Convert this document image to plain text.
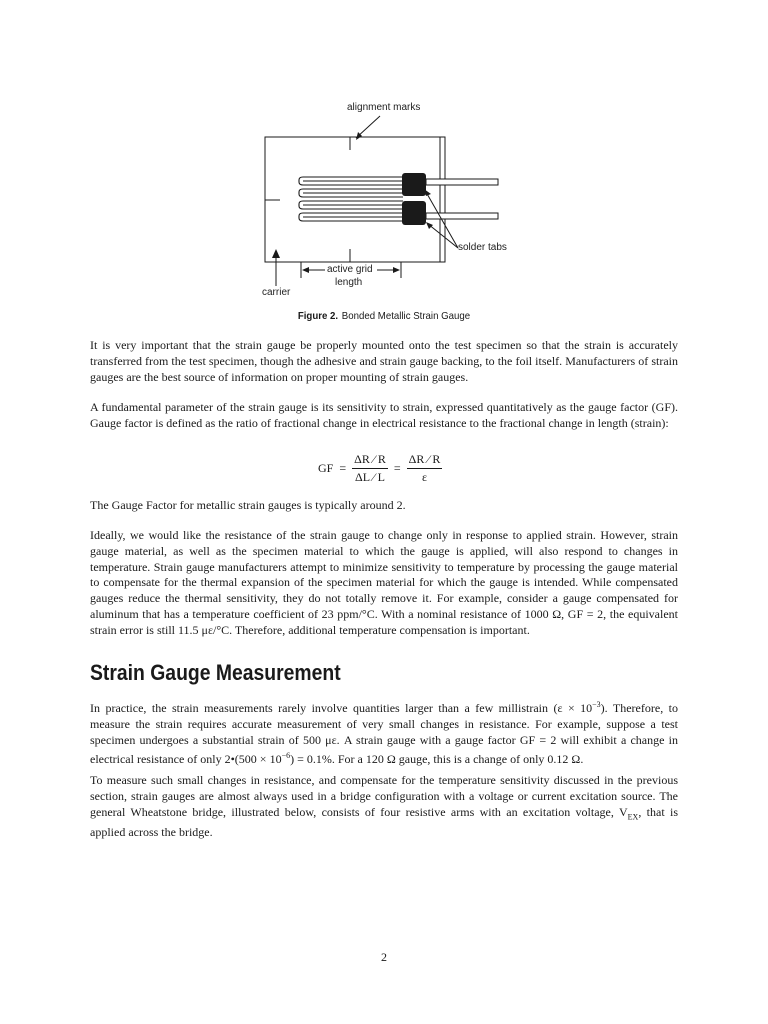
alignment marks
solder tabs
active grid
length
carrier
Figure 2. Bonded Metallic Strain Gauge

It is very important that the strain gauge be properly mounted onto the test specimen so that the strain is accurately transferred from the test specimen, though the adhesive and strain gauge backing, to the foil itself. Manufacturers of strain gauges are the best source of information on proper mounting of strain gauges.

A fundamental parameter of the strain gauge is its sensitivity to strain, expressed quantitatively as the gauge factor (GF). Gauge factor is defined as the ratio of fractional change in electrical resistance to the fractional change in length (strain):

GF = $\frac{\Delta R ⁄ R}{\Delta L ⁄ L} = \frac{\Delta R ⁄ R}{\varepsilon}$

The Gauge Factor for metallic strain gauges is typically around 2.

Ideally, we would like the resistance of the strain gauge to change only in response to applied strain. However, strain gauge material, as well as the specimen material to which the gauge is applied, will also respond to changes in temperature. Strain gauge manufacturers attempt to minimize sensitivity to temperature by processing the gauge material to compensate for the thermal expansion of the specimen material for which the gauge is intended. While compensated gauges reduce the thermal sensitivity, they do not totally remove it. For example, consider a gauge compensated for aluminum that has a temperature coefficient of 23 ppm/°C. With a nominal resistance of 1000 Ω, GF = 2, the equivalent strain error is still 11.5 με/°C. Therefore, additional temperature compensation is important.

Strain Gauge Measurement

In practice, the strain measurements rarely involve quantities larger than a few millistrain $(\varepsilon \times 10^{-3})$. Therefore, to measure the strain requires accurate measurement of very small changes in resistance. For example, suppose a test specimen undergoes a substantial strain of 500 με. A strain gauge with a gauge factor GF = 2 will exhibit a change in electrical resistance of only 2•(500 × $10^{-6}) = 0.1\%$. For a 120 Ω gauge, this is a change of only 0.12 Ω.

To measure such small changes in resistance, and compensate for the temperature sensitivity discussed in the previous section, strain gauges are almost always used in a bridge configuration with a voltage or current excitation source. The general Wheatstone bridge, illustrated below, consists of four resistive arms with an excitation voltage, $V_{EX}$, that is applied across the bridge.

2
